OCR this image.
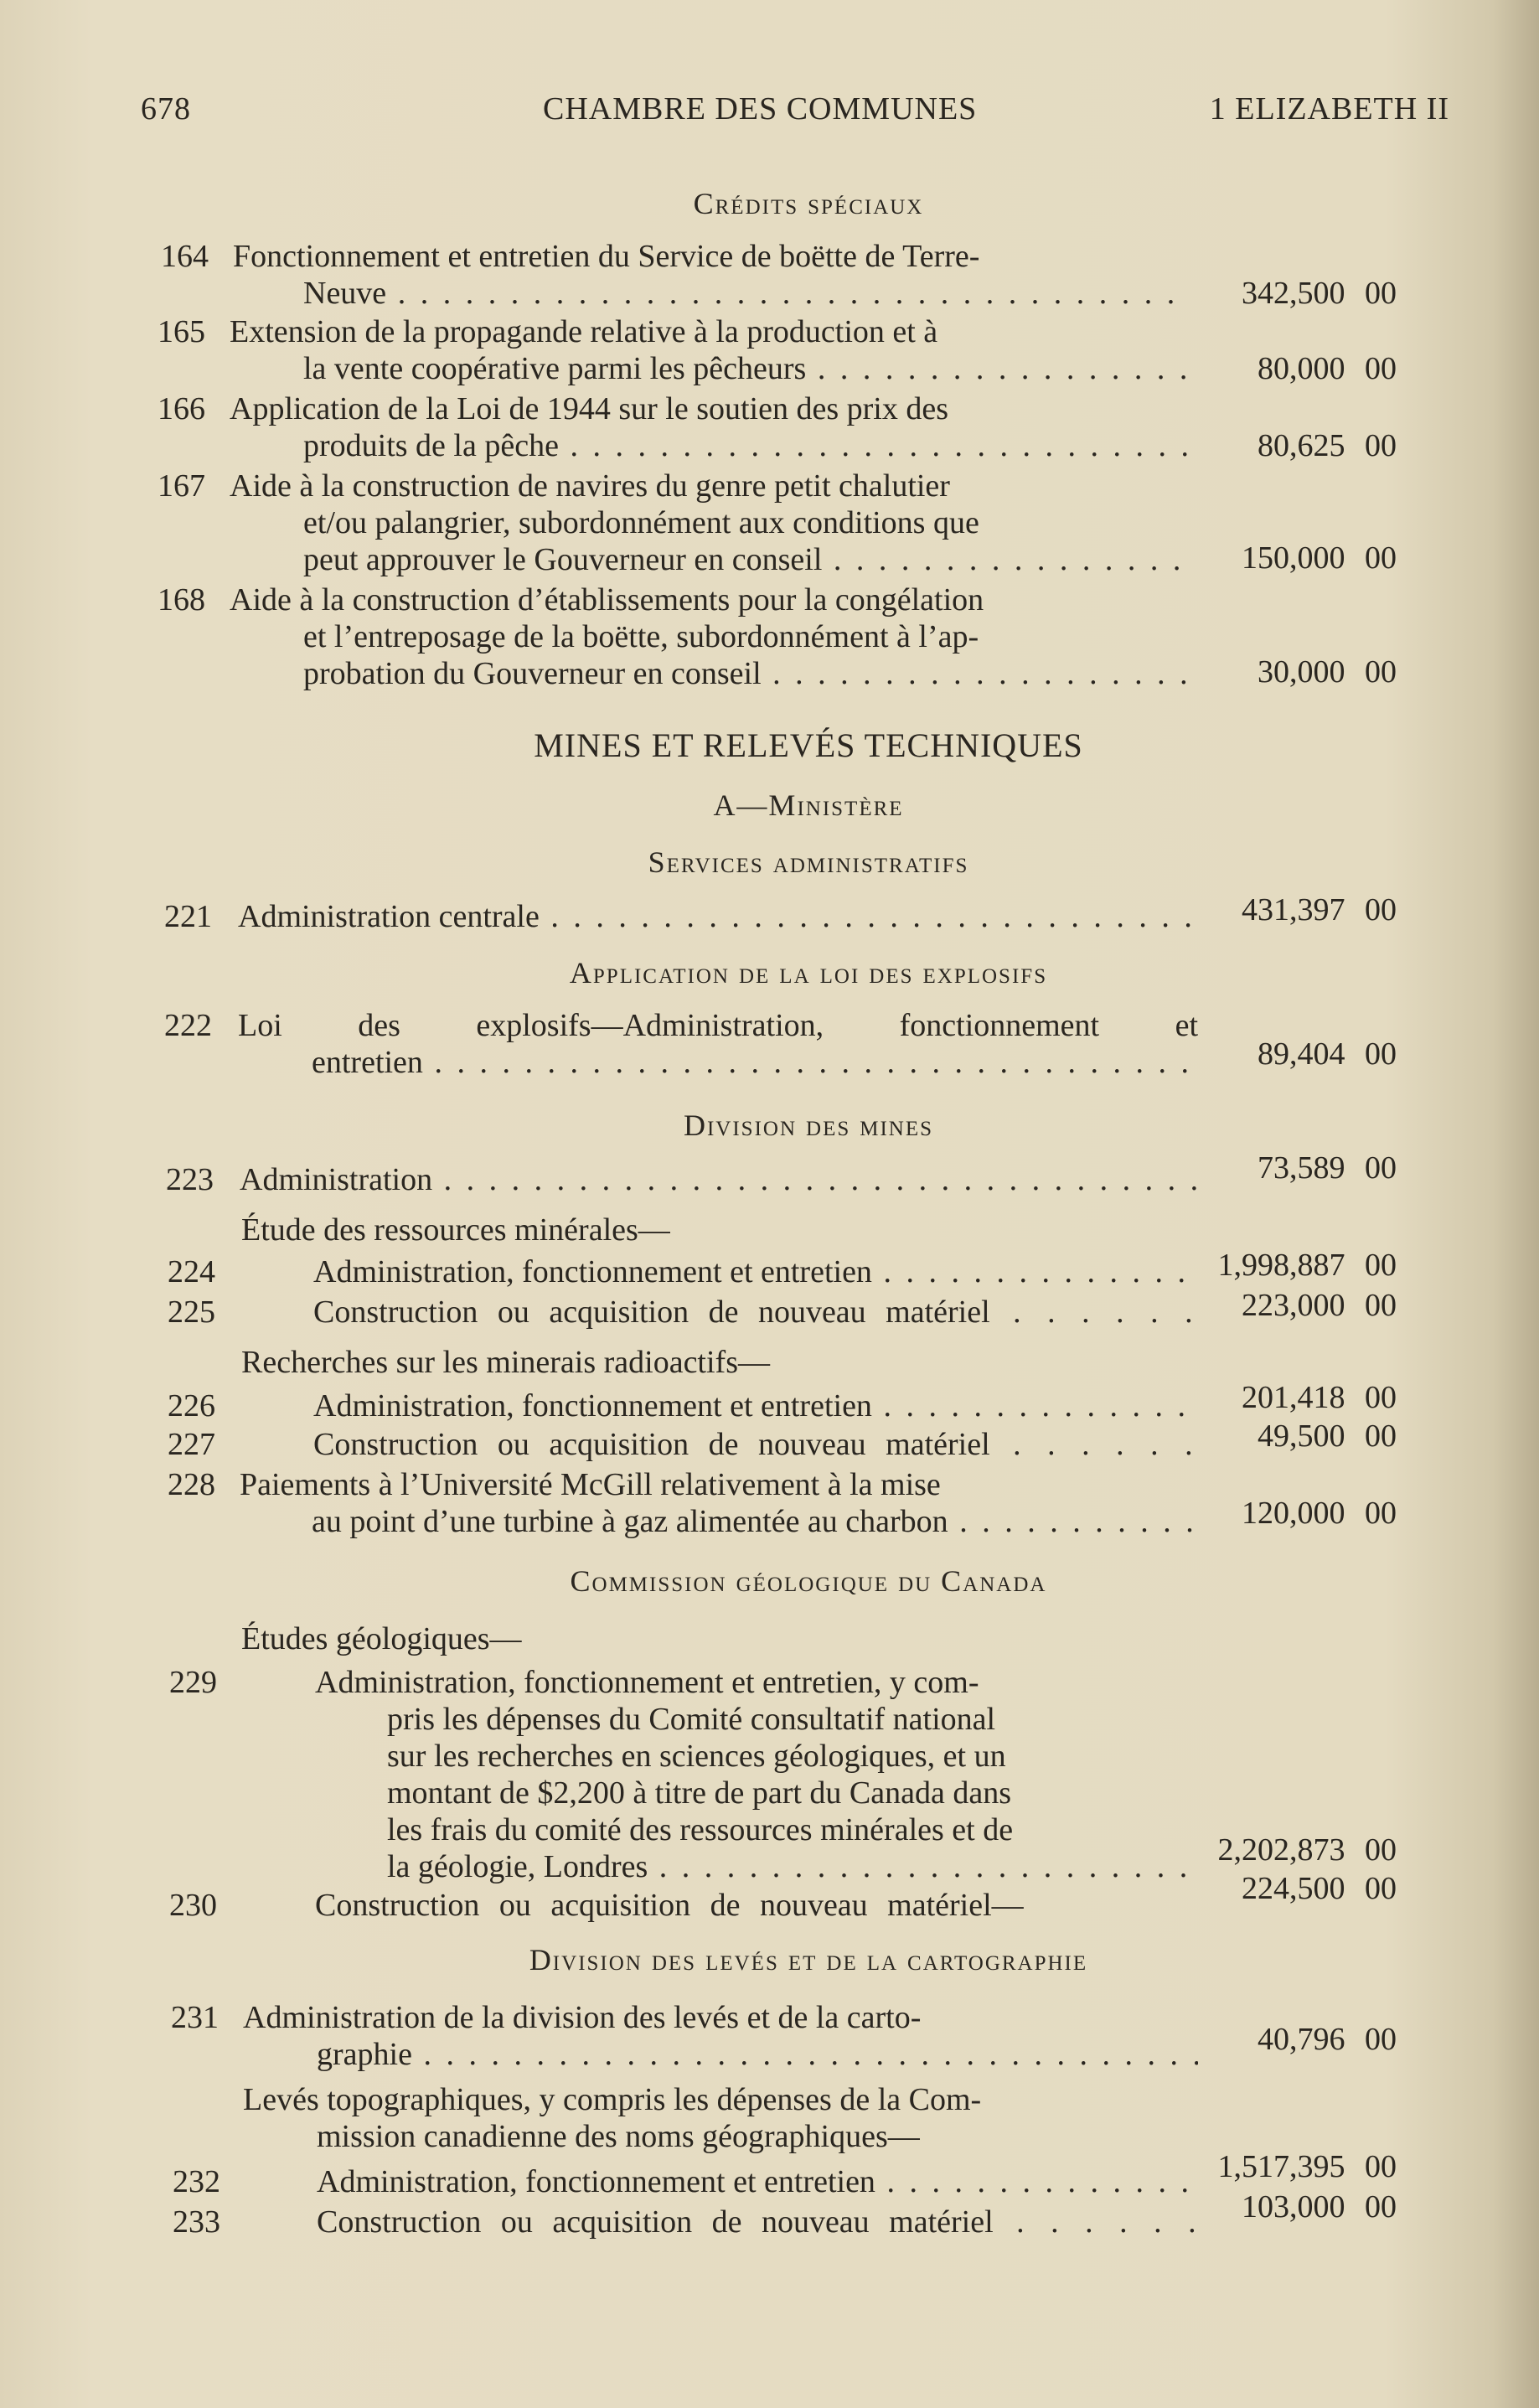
678	CHAMBRE DES COMMUNES	1 ELIZABETH II
Crédits spéciaux
164 Fonctionnement et entretien du Service de boëtte de Terre-
Neuve . . .	342,500 00
165 Extension de la propagande relative à la production et à
la vente coopérative parmi les pêcheurs . . .	80,000 00
166 Application de la Loi de 1944 sur le soutien des prix des
produits de la pêche . . .	80,625 00
167 Aide à la construction de navires du genre petit chalutier
et/ou palangrier, subordonnément aux conditions que
peut approuver le Gouverneur en conseil . . .	150,000 00
168 Aide à la construction d’établissements pour la congélation
et l’entreposage de la boëtte, subordonnément à l’ap-
probation du Gouverneur en conseil . . .	30,000 00
MINES ET RELEVÉS TECHNIQUES
A—Ministère
Services administratifs
221 Administration centrale . . .	431,397 00
Application de la loi des explosifs
222 Loi des explosifs—Administration, fonctionnement et
entretien . . .	89,404 00
Division des mines
223 Administration . . .	73,589 00
Étude des ressources minérales—
224	Administration, fonctionnement et entretien . . .	1,998,887 00
225	Construction ou acquisition de nouveau matériel . . .	223,000 00
Recherches sur les minerais radioactifs—
226	Administration, fonctionnement et entretien . . .	201,418 00
227	Construction ou acquisition de nouveau matériel . . .	49,500 00
228 Paiements à l’Université McGill relativement à la mise
au point d’une turbine à gaz alimentée au charbon . . .	120,000 00
Commission géologique du Canada
Études géologiques—
229	Administration, fonctionnement et entretien, y com-
pris les dépenses du Comité consultatif national
sur les recherches en sciences géologiques, et un
montant de $2,200 à titre de part du Canada dans
les frais du comité des ressources minérales et de
la géologie, Londres . . .	2,202,873 00
230	Construction ou acquisition de nouveau matériel—	224,500 00
Division des levés et de la cartographie
231 Administration de la division des levés et de la carto-
graphie . . .	40,796 00
Levés topographiques, y compris les dépenses de la Com-
mission canadienne des noms géographiques—
232	Administration, fonctionnement et entretien . . .	1,517,395 00
233	Construction ou acquisition de nouveau matériel . . .	103,000 00
